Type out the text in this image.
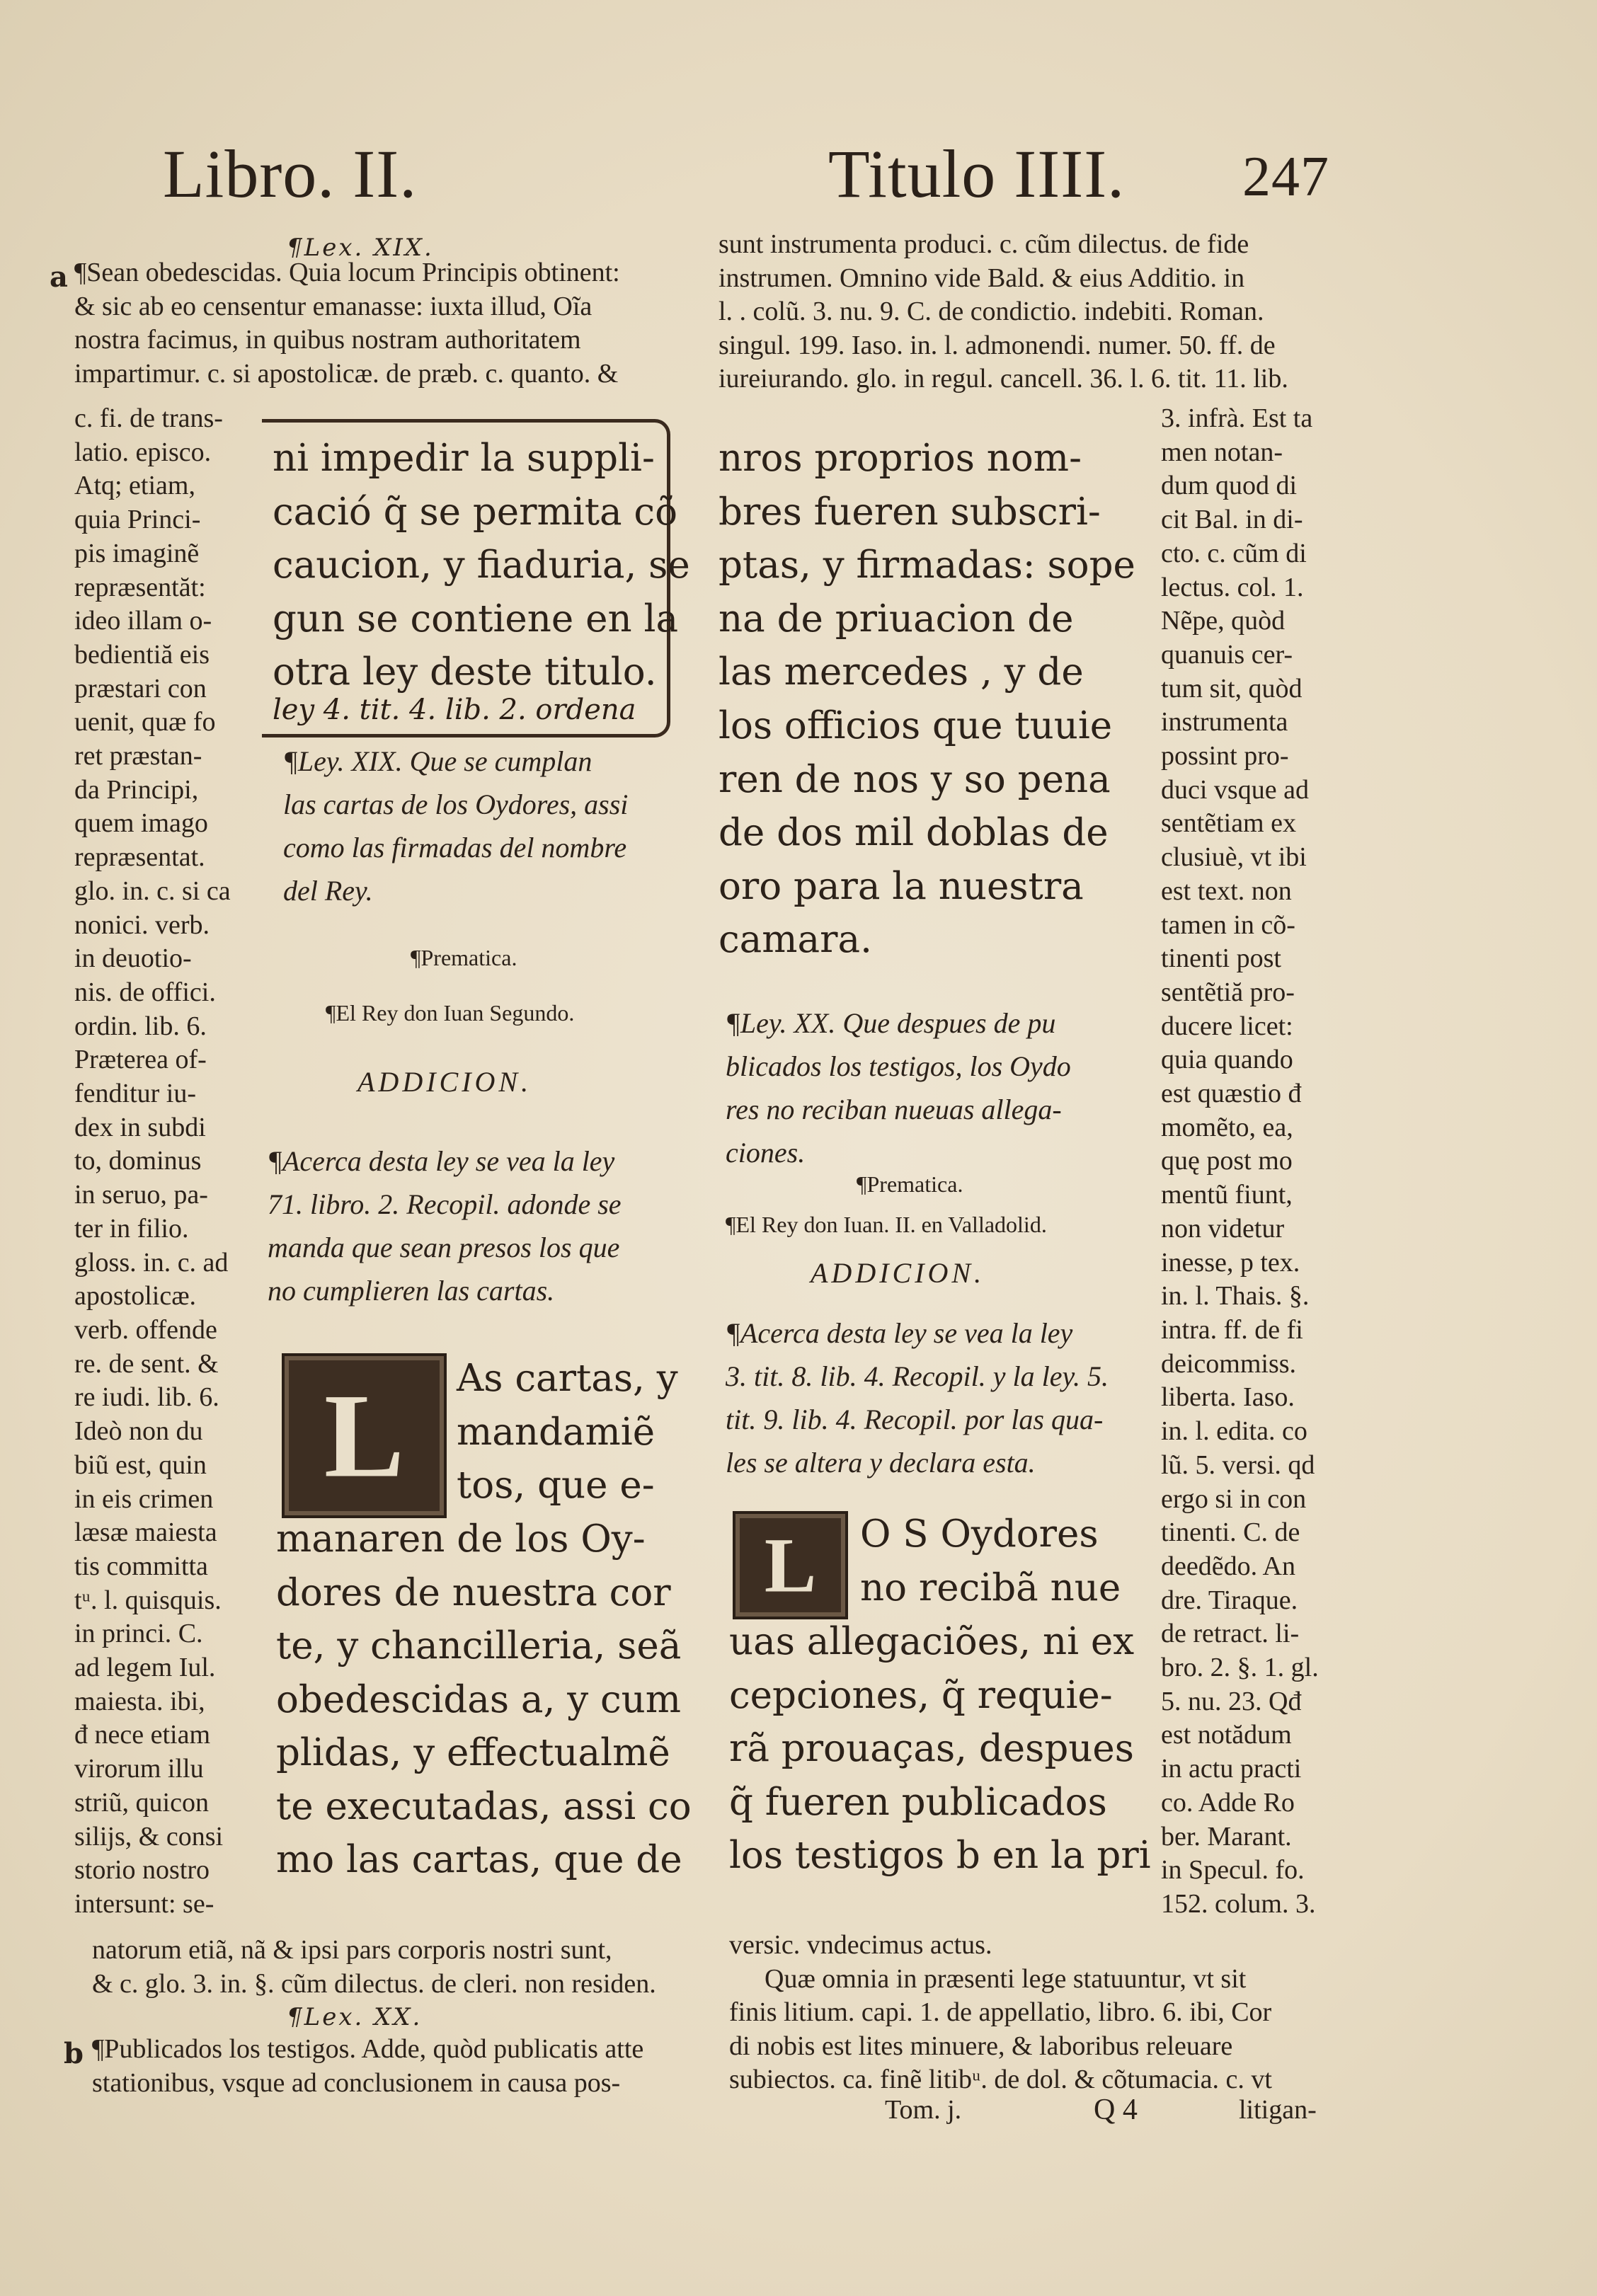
Libro. II.	Titulo IIII. 247
¶Lex. XIX.
a ¶Sean obedescidas. Quia locum Principis obtinent:
& sic ab eo censentur emanasse: iuxta illud, Oĩa
nostra facimus, in quibus nostram authoritatem
impartimur. c. si apostolicæ. de præb. c. quanto. &
c. fi. de trans-
latio. episco.
Atq; etiam,
quia Princi-
pis imaginẽ
repræsentăt:
ideo illam o-
bedientiă eis
præstari con
uenit, quæ fo
ret præstan-
da Principi,
quem imago
repræsentat.
glo. in. c. si ca
nonici. verb.
in deuotio-
nis. de offici.
ordin. lib. 6.
Præterea of-
fenditur iu-
dex in subdi
to, dominus
in seruo, pa-
ter in filio.
gloss. in. c. ad
apostolicæ.
verb. offende
re. de sent. &
re iudi. lib. 6.
Ideò non du
biũ est, quin
in eis crimen
læsæ maiesta
tis committa
tᵘ. l. quisquis.
in princi. C.
ad legem Iul.
maiesta. ibi,
đ nece etiam
virorum illu
striũ, quicon
silijs, & consi
storio nostro
intersunt: se-
ni impedir la suppli-
cació q̃ se permita cõ
caucion, y fiaduria, se
gun se contiene en la
otra ley deste titulo.
ley 4. tit. 4. lib. 2. ordena
¶Ley. XIX. Que se cumplan
las cartas de los Oydores, assi
como las firmadas del nombre
del Rey.
¶Prematica.
¶El Rey don Iuan Segundo.
ADDICION.
¶Acerca desta ley se vea la ley
71. libro. 2. Recopil. adonde se
manda que sean presos los que
no cumplieren las cartas.
L	As cartas, y
mandamiẽ
tos, que e-
manaren de los Oy-
dores de nuestra cor
te, y chancilleria, seã
obedescidas a, y cum
plidas, y effectualmẽ
te executadas, assi co
mo las cartas, que de
natorum etiã, nã & ipsi pars corporis nostri sunt,
& c. glo. 3. in. §. cũm dilectus. de cleri. non residen.
¶Lex. XX.
b ¶Publicados los testigos. Adde, quòd publicatis atte
stationibus, vsque ad conclusionem in causa pos-
sunt instrumenta produci. c. cũm dilectus. de fide
instrumen. Omnino vide Bald. & eius Additio. in
l. . colũ. 3. nu. 9. C. de condictio. indebiti. Roman.
singul. 199. Iaso. in. l. admonendi. numer. 50. ff. de
iureiurando. glo. in regul. cancell. 36. l. 6. tit. 11. lib.
nros proprios nom-
bres fueren subscri-
ptas, y firmadas: sope
na de priuacion de
las mercedes , y de
los officios que tuuie
ren de nos y so pena
de dos mil doblas de
oro para la nuestra
camara.
3. infrà. Est ta
men notan-
dum quod di
cit Bal. in di-
cto. c. cũm di
lectus. col. 1.
Nẽpe, quòd
quanuis cer-
tum sit, quòd
instrumenta
possint pro-
duci vsque ad
sentẽtiam ex
clusiuè, vt ibi
est text. non
tamen in cõ-
tinenti post
sentẽtiă pro-
ducere licet:
quia quando
est quæstio đ
momẽto, ea,
quę post mo
mentũ fiunt,
non videtur
inesse, p tex.
in. l. Thais. §.
intra. ff. de fi
deicommiss.
liberta. Iaso.
in. l. edita. co
lũ. 5. versi. qd
ergo si in con
tinenti. C. de
deedẽdo. An
dre. Tiraque.
de retract. li-
bro. 2. §. 1. gl.
5. nu. 23. Qđ
est notădum
in actu practi
co. Adde Ro
ber. Marant.
in Specul. fo.
152. colum. 3.
¶Ley. XX. Que despues de pu
blicados los testigos, los Oydo
res no reciban nueuas allega-
ciones.
¶Prematica.
¶El Rey don Iuan. II. en Valladolid.
ADDICION.
¶Acerca desta ley se vea la ley
3. tit. 8. lib. 4. Recopil. y la ley. 5.
tit. 9. lib. 4. Recopil. por las qua-
les se altera y declara esta.
L	O S Oydores
no recibã nue
uas allegaciões, ni ex
cepciones, q̃ requie-
rã prouaças, despues
q̃ fueren publicados
los testigos b en la pri
versic. vndecimus actus.
Quæ omnia in præsenti lege statuuntur, vt sit
finis litium. capi. 1. de appellatio, libro. 6. ibi, Cor
di nobis est lites minuere, & laboribus releuare
subiectos. ca. finẽ litibᵘ. de dol. & cõtumacia. c. vt
Tom. j.	Q 4	litigan-
